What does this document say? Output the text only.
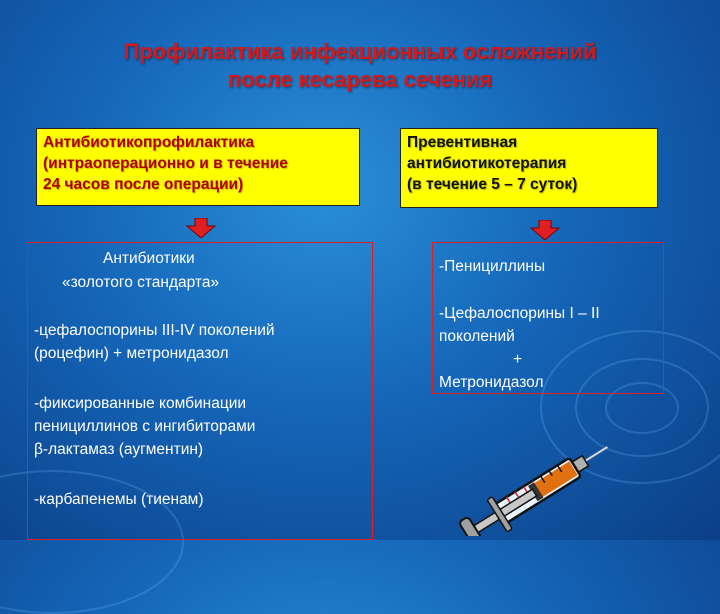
Профилактика инфекционных осложнений
после кесарева сечения
Антибиотикопрофилактика
(интраоперационно и в течение
24 часов после операции)
Превентивная
антибиотикотерапия
(в течение 5 – 7 суток)
Антибиотики
«золотого стандарта»
-цефалоспорины III-IV поколений
(роцефин) + метронидазол
-фиксированные комбинации
пенициллинов с ингибиторами
β-лактамаз (аугментин)
-карбапенемы (тиенам)
-Пенициллины
-Цефалоспорины I – II
поколений
+
Метронидазол
